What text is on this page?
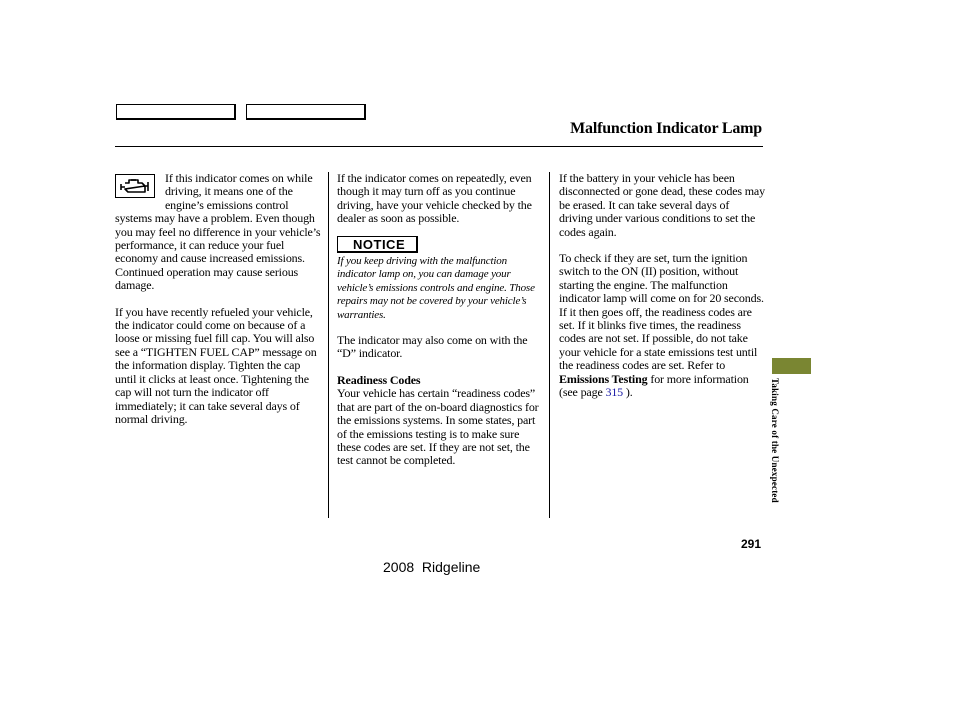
Malfunction Indicator Lamp

If this indicator comes on while driving, it means one of the engine’s emissions control systems may have a problem. Even though you may feel no difference in your vehicle’s performance, it can reduce your fuel economy and cause increased emissions. Continued operation may cause serious damage.

If you have recently refueled your vehicle, the indicator could come on because of a loose or missing fuel fill cap. You will also see a “TIGHTEN FUEL CAP” message on the information display. Tighten the cap until it clicks at least once. Tightening the cap will not turn the indicator off immediately; it can take several days of normal driving.

If the indicator comes on repeatedly, even though it may turn off as you continue driving, have your vehicle checked by the dealer as soon as possible.

NOTICE

If you keep driving with the malfunction indicator lamp on, you can damage your vehicle’s emissions controls and engine. Those repairs may not be covered by your vehicle’s warranties.

The indicator may also come on with the “D” indicator.

Readiness Codes

Your vehicle has certain “readiness codes” that are part of the on-board diagnostics for the emissions systems. In some states, part of the emissions testing is to make sure these codes are set. If they are not set, the test cannot be completed.

If the battery in your vehicle has been disconnected or gone dead, these codes may be erased. It can take several days of driving under various conditions to set the codes again.

To check if they are set, turn the ignition switch to the ON (II) position, without starting the engine. The malfunction indicator lamp will come on for 20 seconds. If it then goes off, the readiness codes are set. If it blinks five times, the readiness codes are not set. If possible, do not take your vehicle for a state emissions test until the readiness codes are set. Refer to Emissions Testing for more information (see page 315 ).	Taking Care of the Unexpected
291
2008  Ridgeline
